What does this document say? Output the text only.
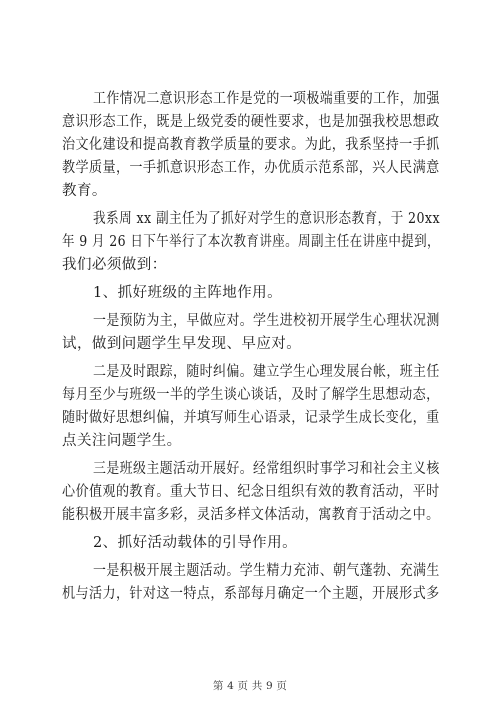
工作情况二意识形态工作是党的一项极端重要的工作，加强
意识形态工作，既是上级党委的硬性要求，也是加强我校思想政
治文化建设和提高教育教学质量的要求。为此，我系坚持一手抓
教学质量，一手抓意识形态工作，办优质示范系部，兴人民满意
教育。
我系周 xx 副主任为了抓好对学生的意识形态教育，于 20xx
年 9 月 26 日下午举行了本次教育讲座。周副主任在讲座中提到，
我们必须做到：
1、抓好班级的主阵地作用。
一是预防为主，早做应对。学生进校初开展学生心理状况测
试，做到问题学生早发现、早应对。
二是及时跟踪，随时纠偏。建立学生心理发展台帐，班主任
每月至少与班级一半的学生谈心谈话，及时了解学生思想动态，
随时做好思想纠偏，并填写师生心语录，记录学生成长变化，重
点关注问题学生。
三是班级主题活动开展好。经常组织时事学习和社会主义核
心价值观的教育。重大节日、纪念日组织有效的教育活动，平时
能积极开展丰富多彩，灵活多样文体活动，寓教育于活动之中。
2、抓好活动载体的引导作用。
一是积极开展主题活动。学生精力充沛、朝气蓬勃、充满生
机与活力，针对这一特点，系部每月确定一个主题，开展形式多
第 4 页 共 9 页
